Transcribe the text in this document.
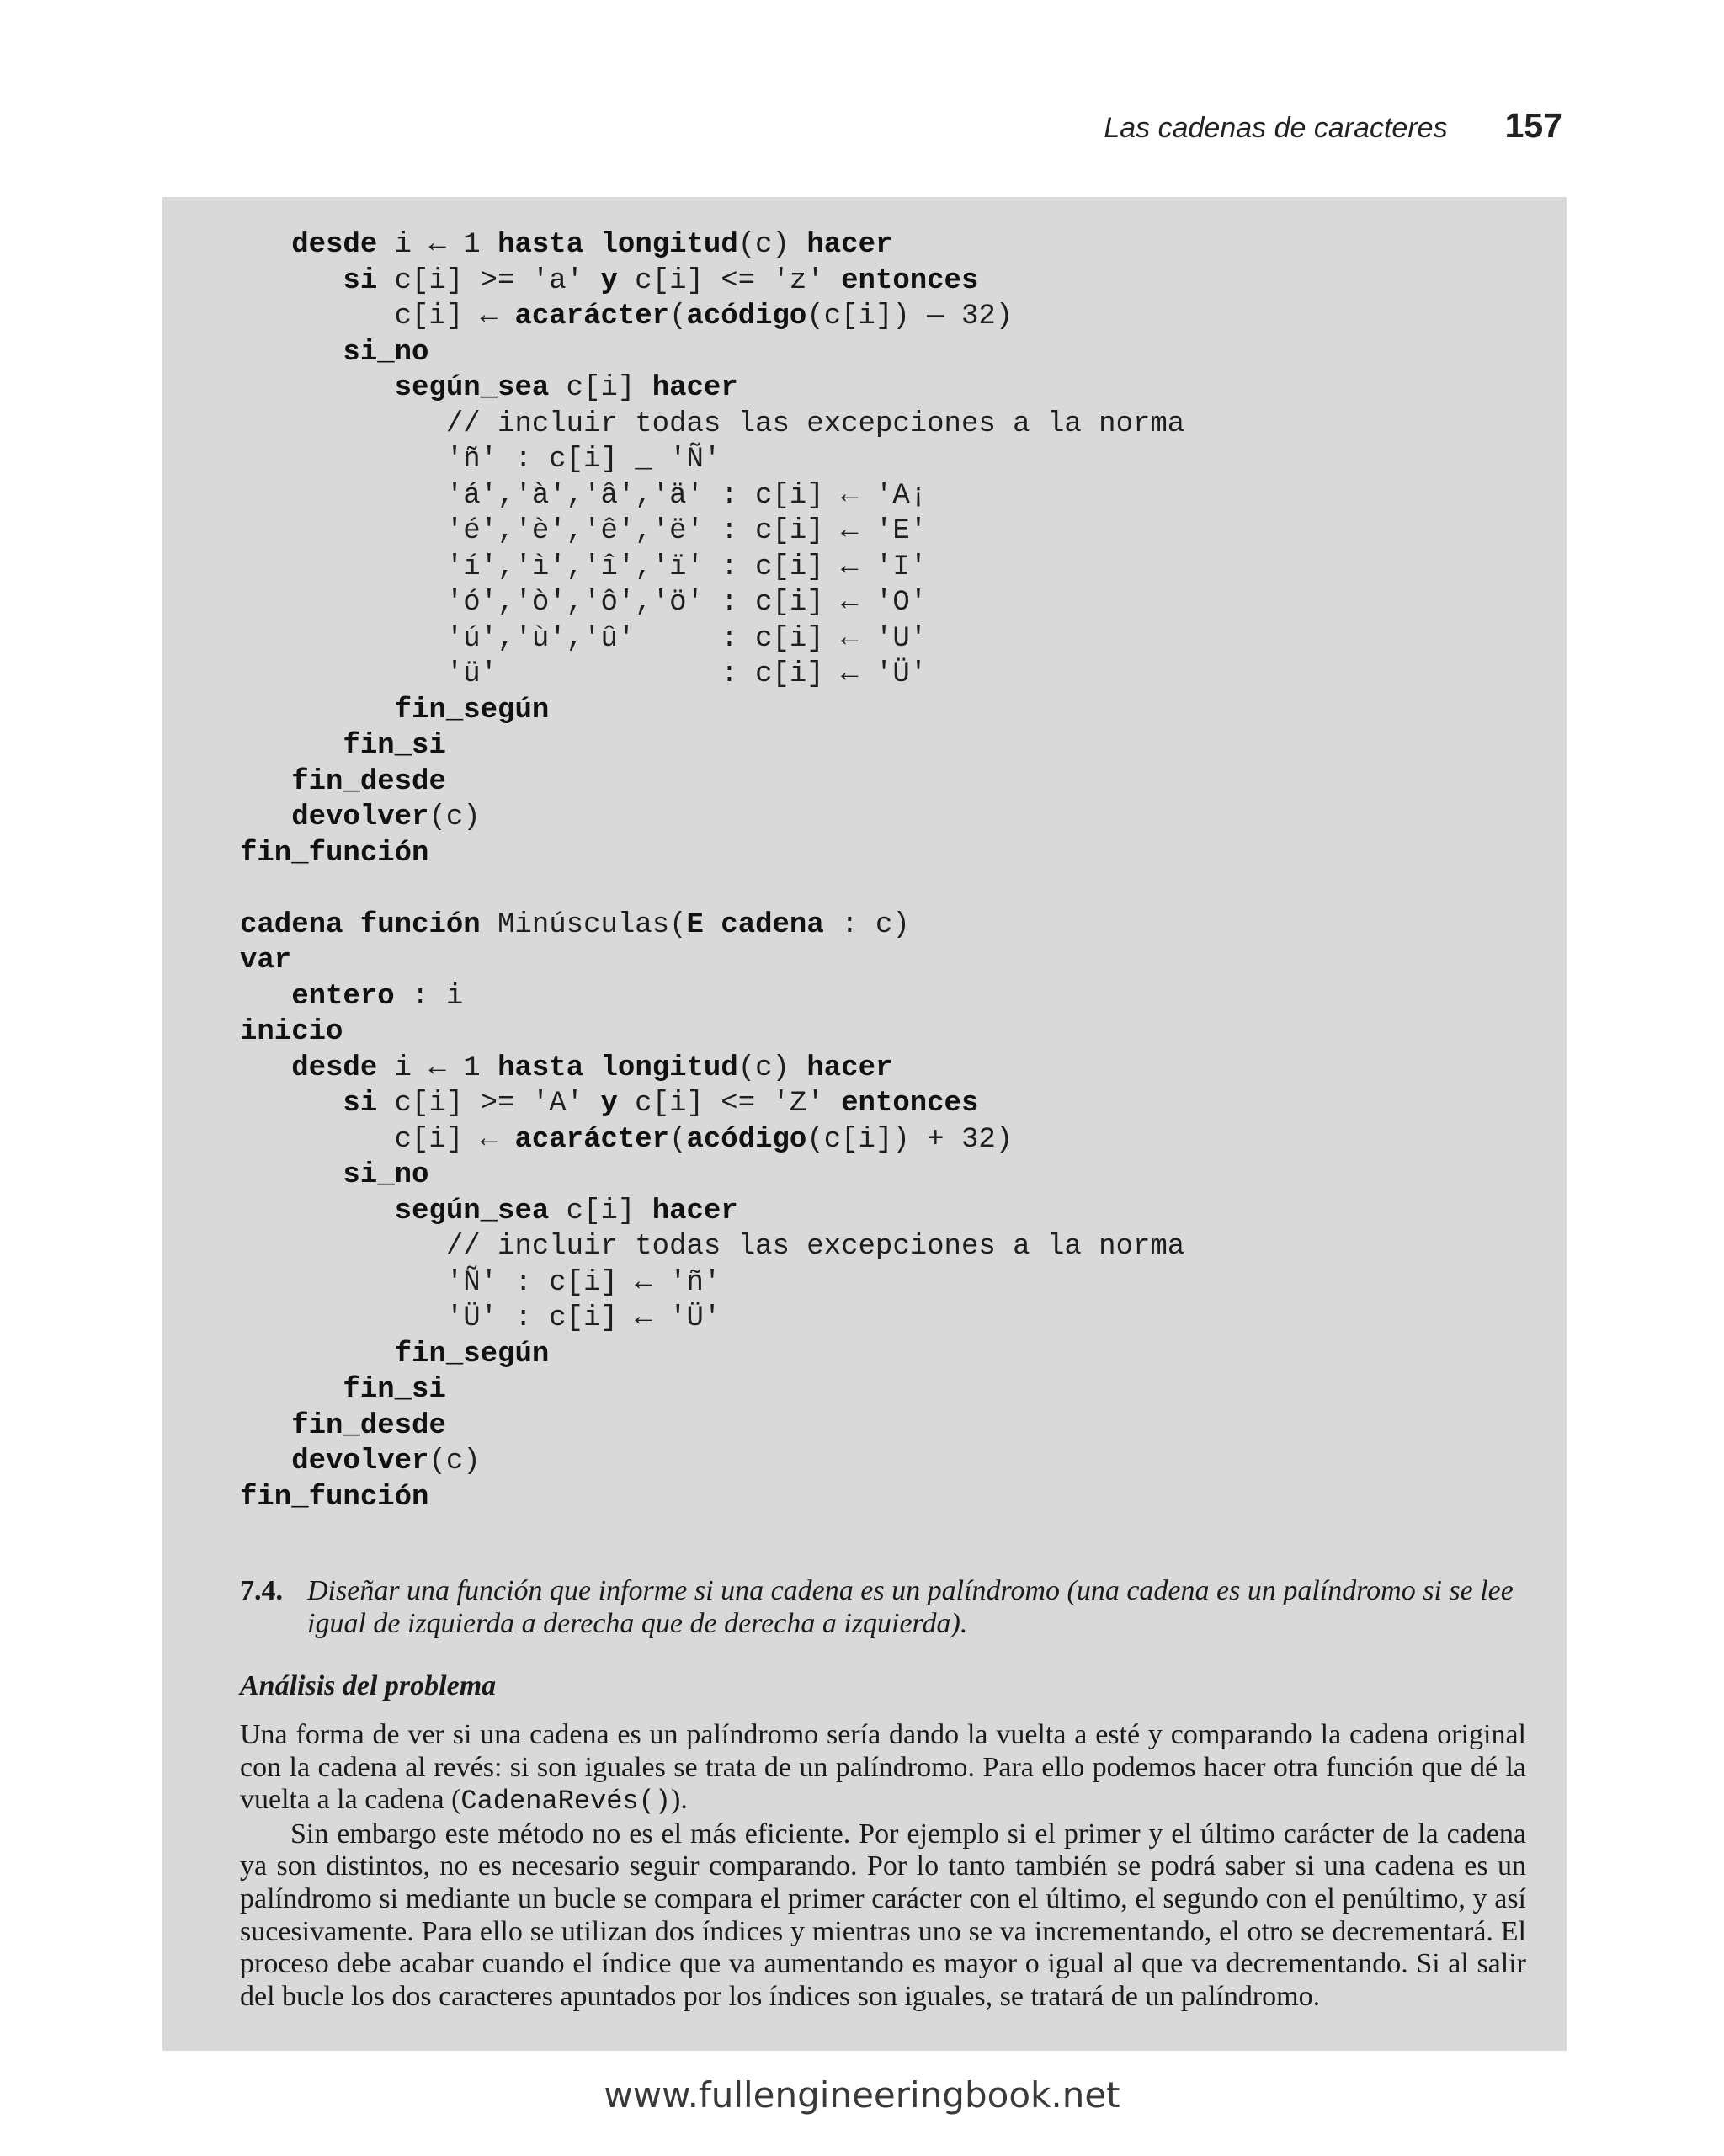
Las cadenas de caracteres 157
desde i ← 1 hasta longitud(c) hacer
si c[i] >= 'a' y c[i] <= 'z' entonces
c[i] ← acarácter(acódigo(c[i]) — 32)
si_no
según_sea c[i] hacer
// incluir todas las excepciones a la norma
'ñ' : c[i] _ 'Ñ'
'á','à','â','ä' : c[i] ← 'A¡
'é','è','ê','ë' : c[i] ← 'E'
'í','ì','î','ï' : c[i] ← 'I'
'ó','ò','ô','ö' : c[i] ← 'O'
'ú','ù','û'     : c[i] ← 'U'
'ü'             : c[i] ← 'Ü'
fin_según
fin_si
fin_desde
devolver(c)
fin_función
cadena función Minúsculas(E cadena : c)
var
entero : i
inicio
desde i ← 1 hasta longitud(c) hacer
si c[i] >= 'A' y c[i] <= 'Z' entonces
c[i] ← acarácter(acódigo(c[i]) + 32)
si_no
según_sea c[i] hacer
// incluir todas las excepciones a la norma
'Ñ' : c[i] ← 'ñ'
'Ü' : c[i] ← 'Ü'
fin_según
fin_si
fin_desde
devolver(c)
fin_función
7.4. Diseñar una función que informe si una cadena es un palíndromo (una cadena es un palíndromo si se lee igual de izquierda a derecha que de derecha a izquierda).
Análisis del problema

Una forma de ver si una cadena es un palíndromo sería dando la vuelta a esté y comparando la cadena original con la cadena al revés: si son iguales se trata de un palíndromo. Para ello podemos hacer otra función que dé la vuelta a la cadena (CadenaRevés()).

Sin embargo este método no es el más eficiente. Por ejemplo si el primer y el último carácter de la cadena ya son distintos, no es necesario seguir comparando. Por lo tanto también se podrá saber si una cadena es un palíndromo si mediante un bucle se compara el primer carácter con el último, el segundo con el penúltimo, y así sucesivamente. Para ello se utilizan dos índices y mientras uno se va incrementando, el otro se decrementará. El proceso debe acabar cuando el índice que va aumentando es mayor o igual al que va decrementando. Si al salir del bucle los dos caracteres apuntados por los índices son iguales, se tratará de un palíndromo.

www.fullengineeringbook.net
